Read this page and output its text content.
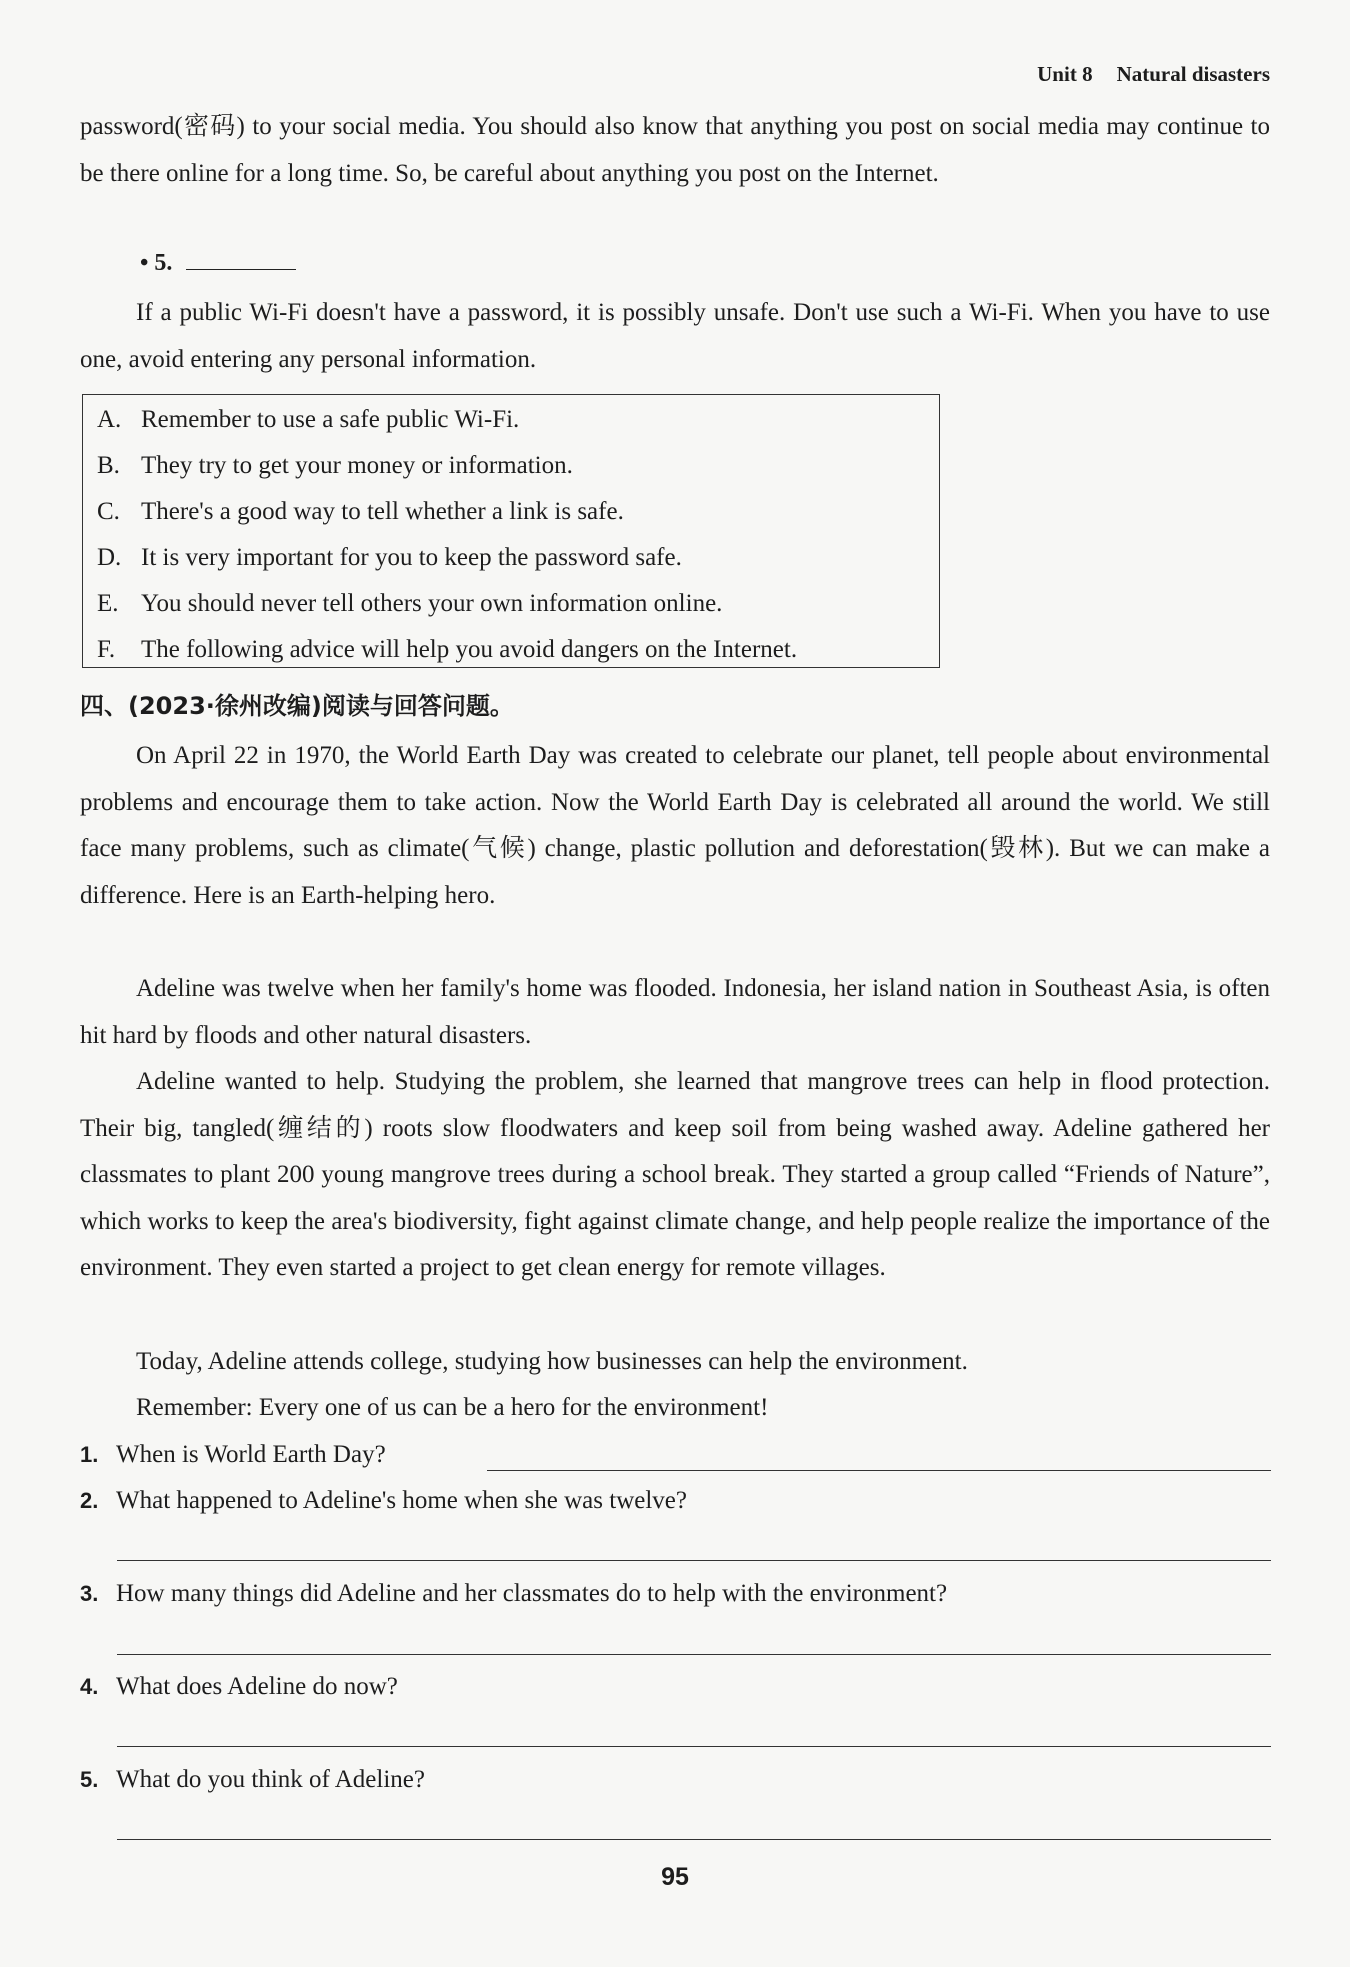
Unit 8 Natural disasters
password(密码) to your social media. You should also know that anything you post on social media may continue to be there online for a long time. So, be careful about anything you post on the Internet.
• 5.
If a public Wi-Fi doesn't have a password, it is possibly unsafe. Don't use such a Wi-Fi. When you have to use one, avoid entering any personal information.
A. Remember to use a safe public Wi-Fi.
B. They try to get your money or information.
C. There's a good way to tell whether a link is safe.
D. It is very important for you to keep the password safe.
E. You should never tell others your own information online.
F. The following advice will help you avoid dangers on the Internet.
四、(2023·徐州改编)阅读与回答问题。
On April 22 in 1970, the World Earth Day was created to celebrate our planet, tell people about environmental problems and encourage them to take action. Now the World Earth Day is celebrated all around the world. We still face many problems, such as climate(气候) change, plastic pollution and deforestation(毁林). But we can make a difference. Here is an Earth-helping hero.
Adeline was twelve when her family's home was flooded. Indonesia, her island nation in Southeast Asia, is often hit hard by floods and other natural disasters.
Adeline wanted to help. Studying the problem, she learned that mangrove trees can help in flood protection. Their big, tangled(缠结的) roots slow floodwaters and keep soil from being washed away. Adeline gathered her classmates to plant 200 young mangrove trees during a school break. They started a group called “Friends of Nature”, which works to keep the area's biodiversity, fight against climate change, and help people realize the importance of the environment. They even started a project to get clean energy for remote villages.
Today, Adeline attends college, studying how businesses can help the environment.
Remember: Every one of us can be a hero for the environment!
1. When is World Earth Day?
2. What happened to Adeline's home when she was twelve?
3. How many things did Adeline and her classmates do to help with the environment?
4. What does Adeline do now?
5. What do you think of Adeline?
95
